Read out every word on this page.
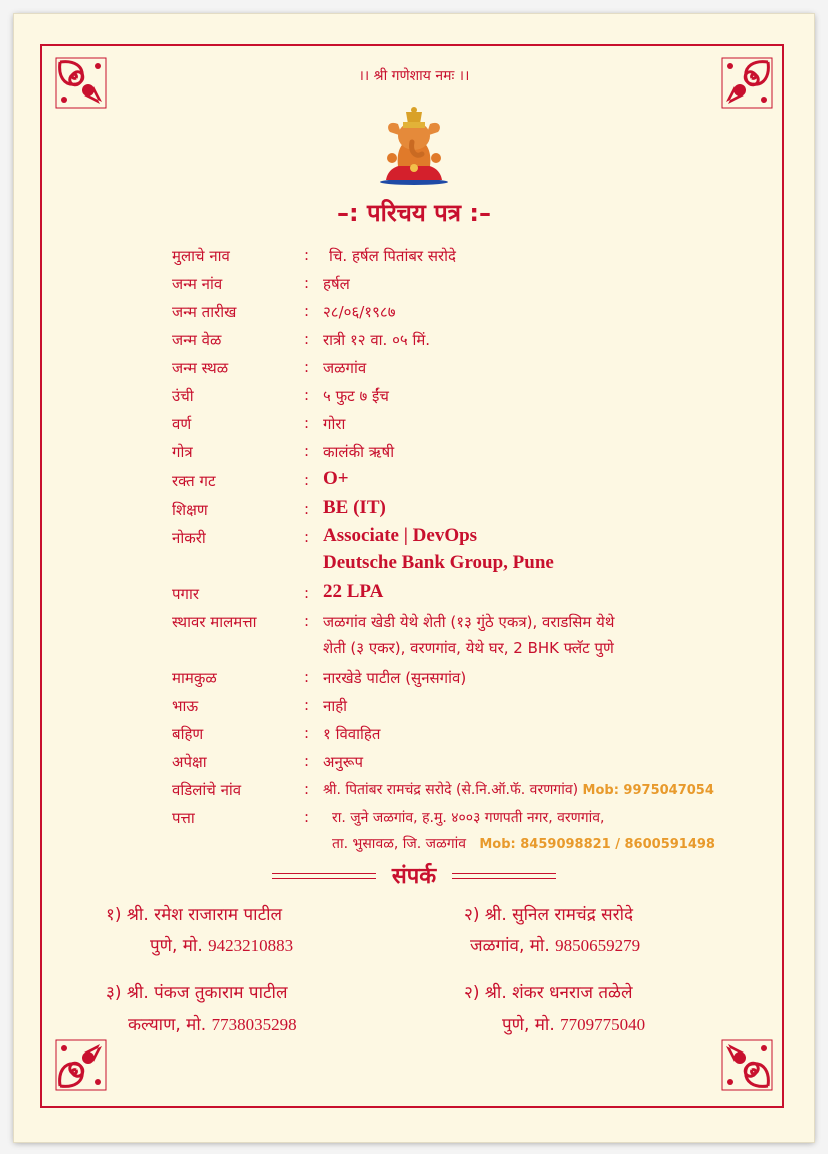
।। श्री गणेशाय नमः ।।
–: परिचय पत्र :–
मुलाचे नाव	: चि. हर्षल पितांबर सरोदे
जन्म नांव	: हर्षल
जन्म तारीख	: २८/०६/१९८७
जन्म वेळ	: रात्री १२ वा. ०५ मिं.
जन्म स्थळ	: जळगांव
उंची	: ५ फुट ७ ईंच
वर्ण	: गोरा
गोत्र	: कालंकी ऋषी
रक्त गट	: O+
शिक्षण	: BE (IT)
नोकरी	: Associate | DevOps
Deutsche Bank Group, Pune
पगार	: 22 LPA
स्थावर मालमत्ता	: जळगांव खेडी येथे शेती (१३ गुंठे एकत्र), वराडसिम येथे
शेती (३ एकर), वरणगांव, येथे घर, 2 BHK फ्लॅट पुणे
मामकुळ	: नारखेडे पाटील (सुनसगांव)
भाऊ	: नाही
बहिण	: १ विवाहित
अपेक्षा	: अनुरूप
वडिलांचे नांव	: श्री. पितांबर रामचंद्र सरोदे (से.नि.ऑ.फॅ. वरणगांव) Mob: 9975047054
पत्ता	: रा. जुने जळगांव, ह.मु. ४००३ गणपती नगर, वरणगांव,
ता. भुसावळ, जि. जळगांव Mob: 8459098821 / 8600591498
संपर्क
१) श्री. रमेश राजाराम पाटील
पुणे, मो. 9423210883
२) श्री. सुनिल रामचंद्र सरोदे
जळगांव, मो. 9850659279
३) श्री. पंकज तुकाराम पाटील
कल्याण, मो. 7738035298
२) श्री. शंकर धनराज तळेले
पुणे, मो. 7709775040
